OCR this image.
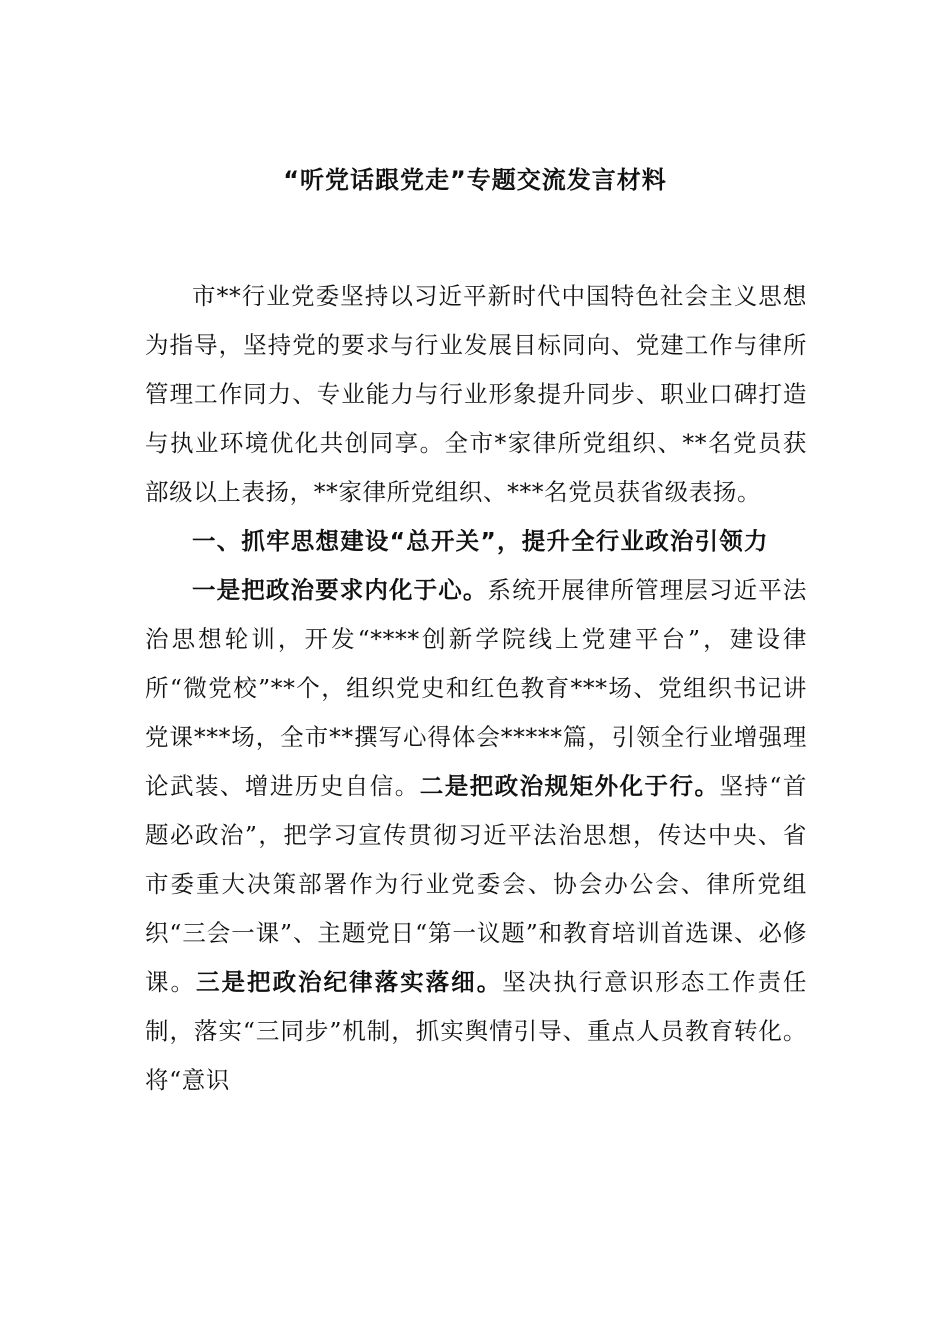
“听党话跟党走”专题交流发言材料

市**行业党委坚持以习近平新时代中国特色社会主义思想为指导，坚持党的要求与行业发展目标同向、党建工作与律所管理工作同力、专业能力与行业形象提升同步、职业口碑打造与执业环境优化共创同享。全市*家律所党组织、**名党员获部级以上表扬，**家律所党组织、***名党员获省级表扬。

一、抓牢思想建设“总开关”，提升全行业政治引领力

一是把政治要求内化于心。系统开展律所管理层习近平法治思想轮训，开发“****创新学院线上党建平台”，建设律所“微党校”**个，组织党史和红色教育***场、党组织书记讲党课***场，全市**撰写心得体会*****篇，引领全行业增强理论武装、增进历史自信。二是把政治规矩外化于行。坚持“首题必政治”，把学习宣传贯彻习近平法治思想，传达中央、省市委重大决策部署作为行业党委会、协会办公会、律所党组织“三会一课”、主题党日“第一议题”和教育培训首选课、必修课。三是把政治纪律落实落细。坚决执行意识形态工作责任制，落实“三同步”机制，抓实舆情引导、重点人员教育转化。将“意识
